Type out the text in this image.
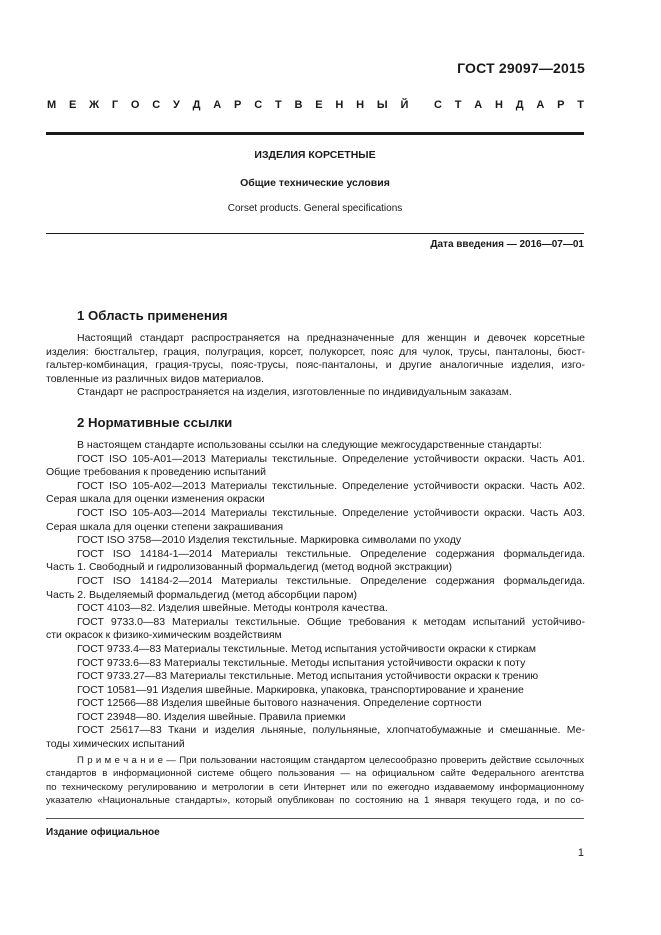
ГОСТ 29097—2015
М Е Ж Г О С У Д А Р С Т В Е Н Н Ы Й С Т А Н Д А Р Т
ИЗДЕЛИЯ КОРСЕТНЫЕ
Общие технические условия
Corset products. General specifications
Дата введения — 2016—07—01
1 Область применения
Настоящий стандарт распространяется на предназначенные для женщин и девочек корсетные
изделия: бюстгальтер, грация, полуграция, корсет, полукорсет, пояс для чулок, трусы, панталоны, бюст-
гальтер-комбинация, грация-трусы, пояс-трусы, пояс-панталоны, и другие аналогичные изделия, изго-
товленные из различных видов материалов.
Стандарт не распространяется на изделия, изготовленные по индивидуальным заказам.
2 Нормативные ссылки
В настоящем стандарте использованы ссылки на следующие межгосударственные стандарты:
ГОСТ ISO 105-A01—2013 Материалы текстильные. Определение устойчивости окраски. Часть A01.
Общие требования к проведению испытаний
ГОСТ ISO 105-A02—2013 Материалы текстильные. Определение устойчивости окраски. Часть A02.
Серая шкала для оценки изменения окраски
ГОСТ ISO 105-A03—2014 Материалы текстильные. Определение устойчивости окраски. Часть A03.
Серая шкала для оценки степени закрашивания
ГОСТ ISO 3758—2010 Изделия текстильные. Маркировка символами по уходу
ГОСТ ISO 14184-1—2014 Материалы текстильные. Определение содержания формальдегида.
Часть 1. Свободный и гидролизованный формальдегид (метод водной экстракции)
ГОСТ ISO 14184-2—2014 Материалы текстильные. Определение содержания формальдегида.
Часть 2. Выделяемый формальдегид (метод абсорбции паром)
ГОСТ 4103—82. Изделия швейные. Методы контроля качества.
ГОСТ 9733.0—83 Материалы текстильные. Общие требования к методам испытаний устойчиво-
сти окрасок к физико-химическим воздействиям
ГОСТ 9733.4—83 Материалы текстильные. Метод испытания устойчивости окраски к стиркам
ГОСТ 9733.6—83 Материалы текстильные. Методы испытания устойчивости окраски к поту
ГОСТ 9733.27—83 Материалы текстильные. Метод испытания устойчивости окраски к трению
ГОСТ 10581—91 Изделия швейные. Маркировка, упаковка, транспортирование и хранение
ГОСТ 12566—88 Изделия швейные бытового назначения. Определение сортности
ГОСТ 23948—80. Изделия швейные. Правила приемки
ГОСТ 25617—83 Ткани и изделия льняные, полульняные, хлопчатобумажные и смешанные. Ме-
тоды химических испытаний
П р и м е ч а н и е — При пользовании настоящим стандартом целесообразно проверить действие ссылочных
стандартов в информационной системе общего пользования — на официальном сайте Федерального агентства
по техническому регулированию и метрологии в сети Интернет или по ежегодно издаваемому информационному
указателю «Национальные стандарты», который опубликован по состоянию на 1 января текущего года, и по со-
Издание официальное
1
